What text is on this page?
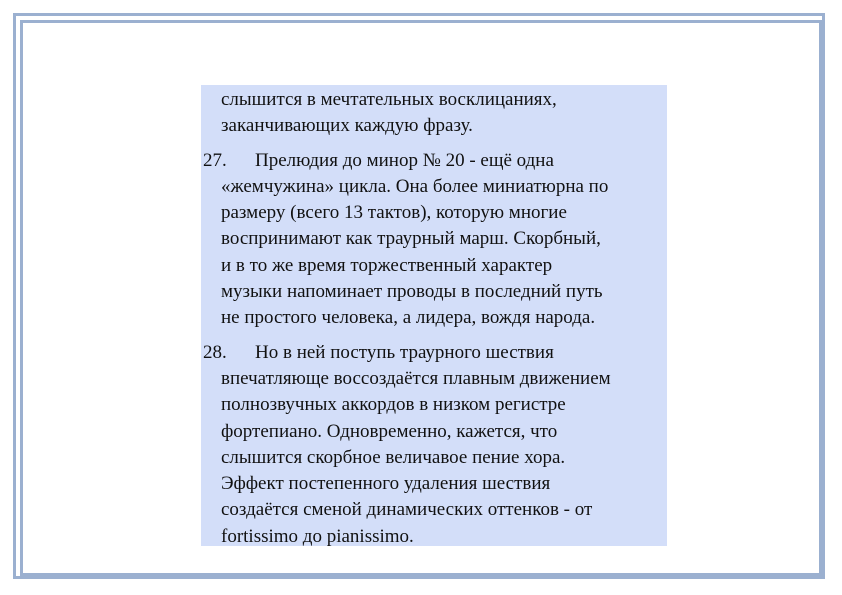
слышится в мечтательных восклицаниях,
заканчивающих каждую фразу.
27. Прелюдия до минор № 20 - ещё одна
«жемчужина» цикла. Она более миниатюрна по
размеру (всего 13 тактов), которую многие
воспринимают как траурный марш. Скорбный,
и в то же время торжественный характер
музыки напоминает проводы в последний путь
не простого человека, а лидера, вождя народа.
28. Но в ней поступь траурного шествия
впечатляюще воссоздаётся плавным движением
полнозвучных аккордов в низком регистре
фортепиано. Одновременно, кажется, что
слышится скорбное величавое пение хора.
Эффект постепенного удаления шествия
создаётся сменой динамических оттенков - от
fortissimo до pianissimo.
